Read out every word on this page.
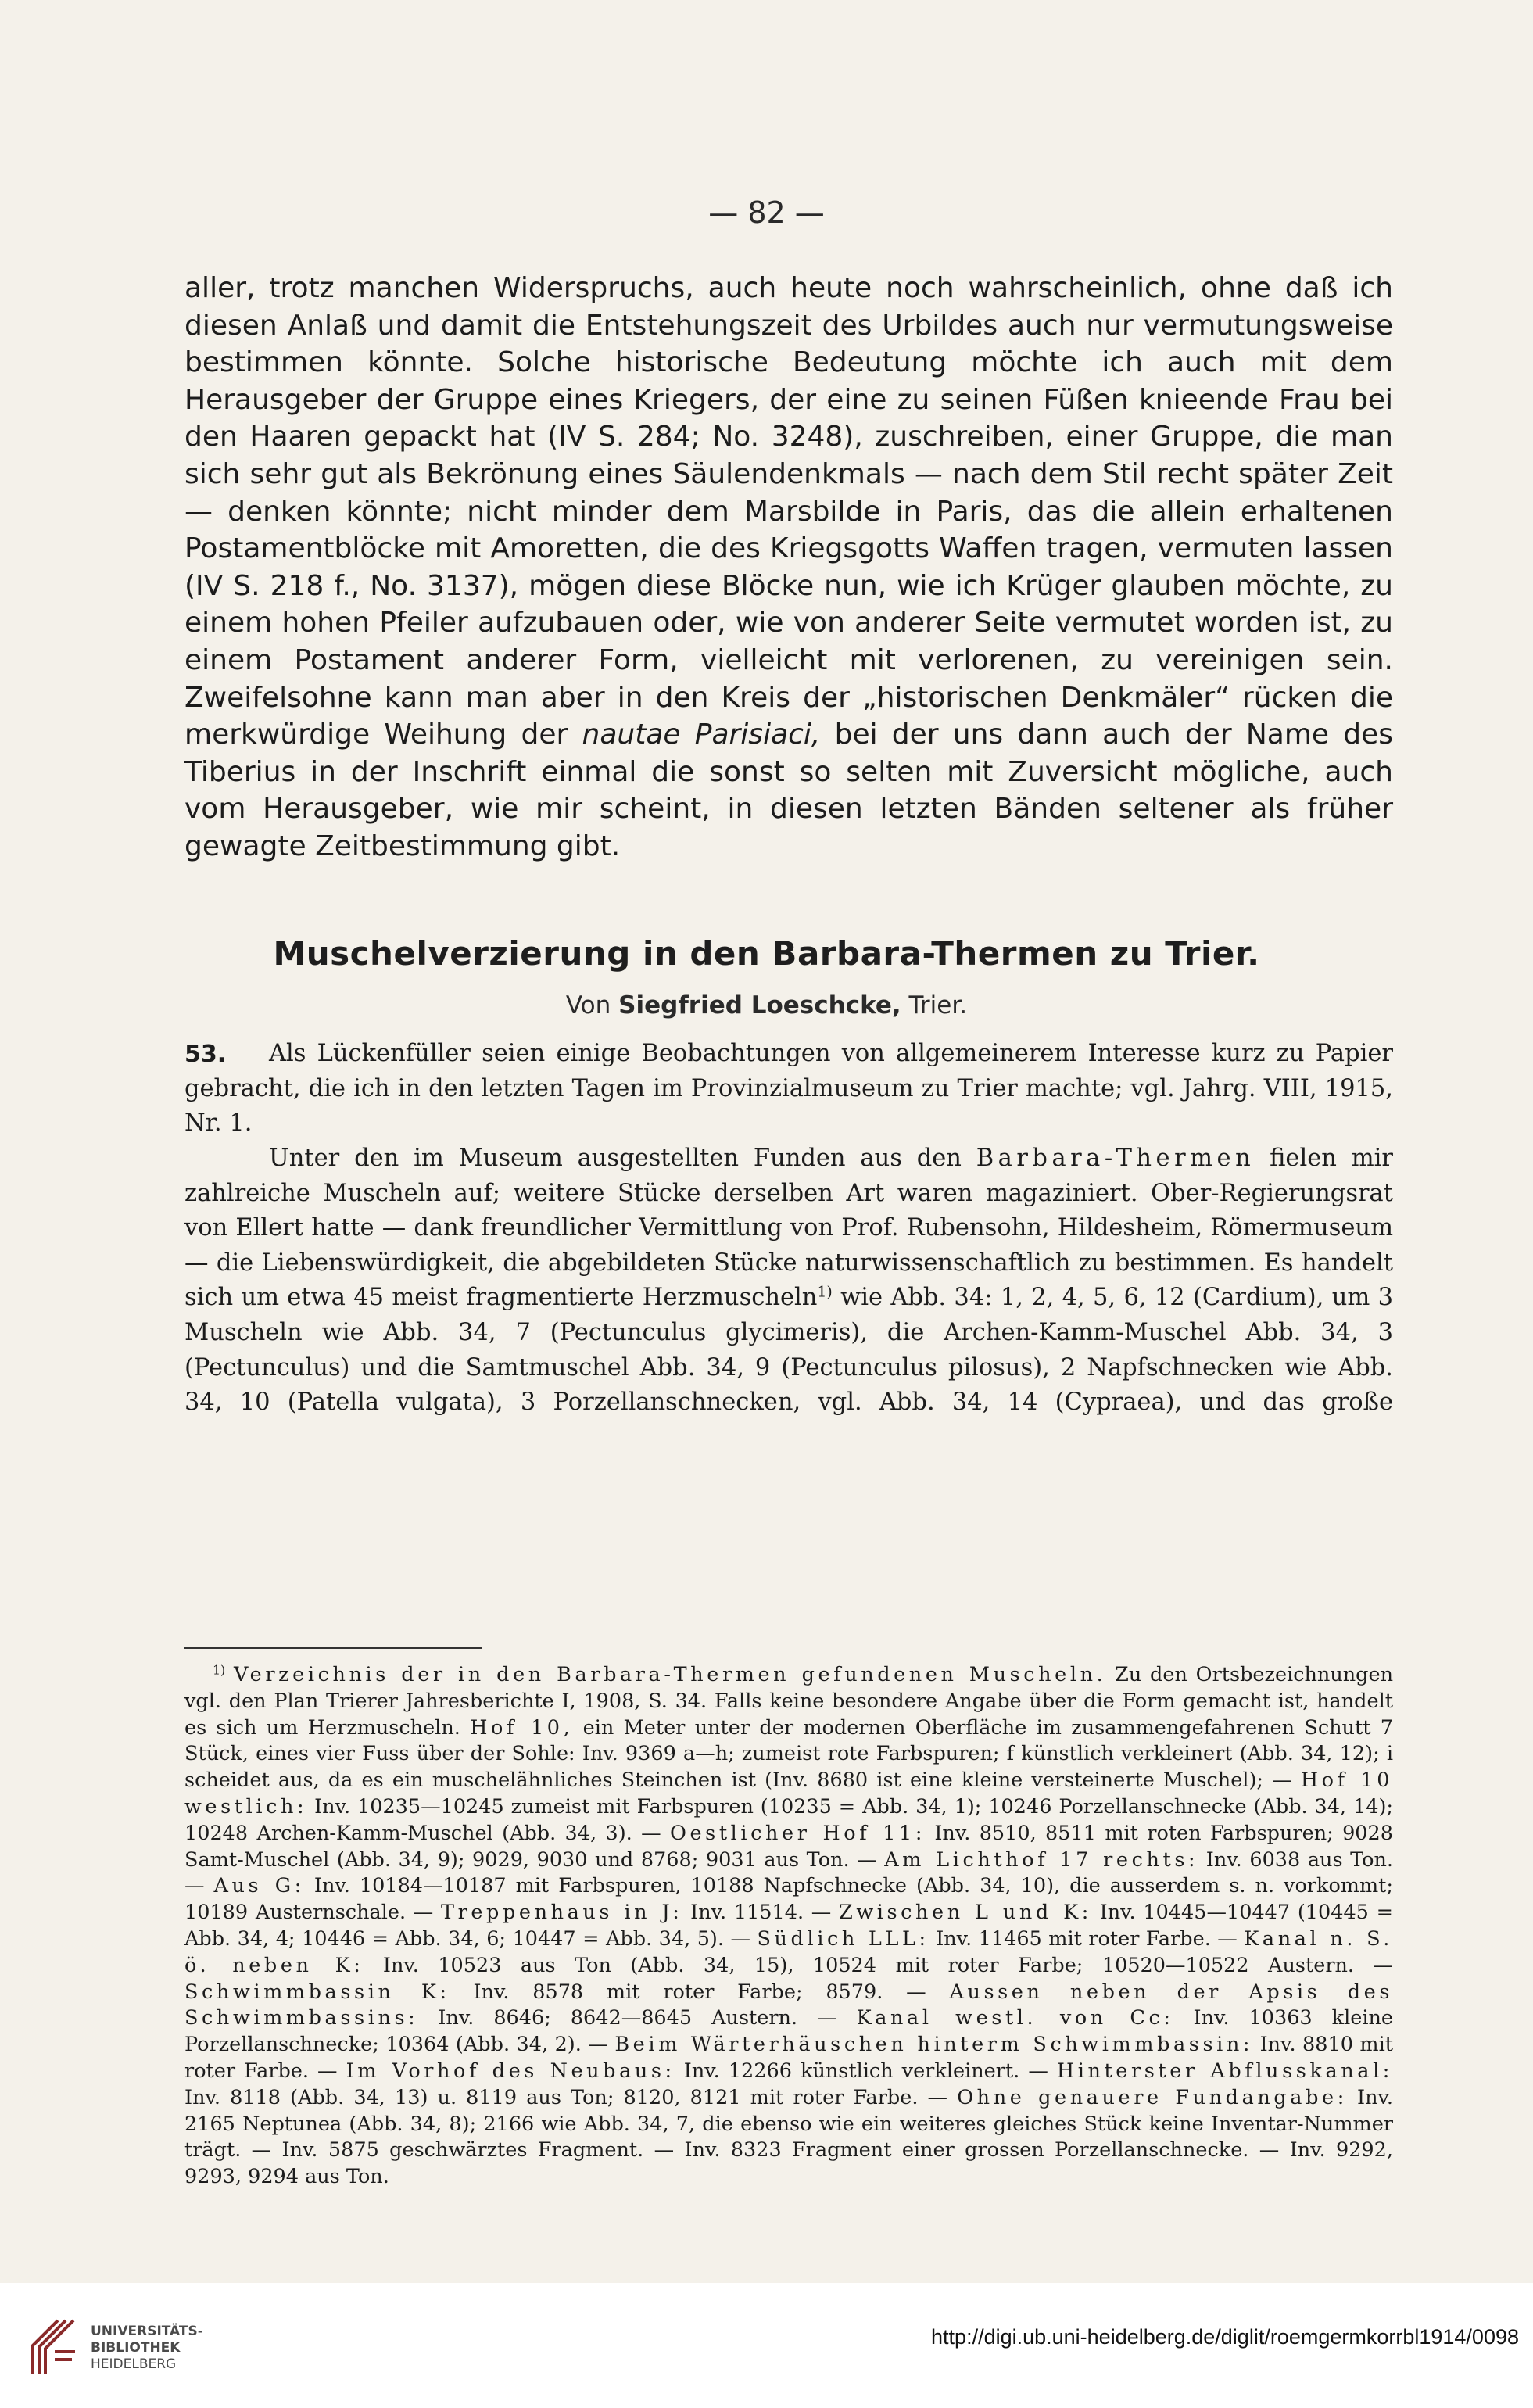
— 82 —

aller, trotz manchen Widerspruchs, auch heute noch wahrscheinlich, ohne daß ich diesen Anlaß und damit die Entstehungszeit des Urbildes auch nur vermutungsweise bestimmen könnte. Solche historische Bedeutung möchte ich auch mit dem Herausgeber der Gruppe eines Kriegers, der eine zu seinen Füßen knieende Frau bei den Haaren gepackt hat (IV S. 284; No. 3248), zuschreiben, einer Gruppe, die man sich sehr gut als Bekrönung eines Säulendenkmals — nach dem Stil recht später Zeit — denken könnte; nicht minder dem Marsbilde in Paris, das die allein erhaltenen Postamentblöcke mit Amoretten, die des Kriegsgotts Waffen tragen, vermuten lassen (IV S. 218 f., No. 3137), mögen diese Blöcke nun, wie ich Krüger glauben möchte, zu einem hohen Pfeiler aufzubauen oder, wie von anderer Seite vermutet worden ist, zu einem Postament anderer Form, vielleicht mit verlorenen, zu vereinigen sein. Zweifelsohne kann man aber in den Kreis der „historischen Denkmäler“ rücken die merkwürdige Weihung der nautae Parisiaci, bei der uns dann auch der Name des Tiberius in der Inschrift einmal die sonst so selten mit Zuversicht mögliche, auch vom Herausgeber, wie mir scheint, in diesen letzten Bänden seltener als früher gewagte Zeitbestimmung gibt.

Muschelverzierung in den Barbara-Thermen zu Trier.
Von Siegfried Loeschcke, Trier.
53.	Als Lückenfüller seien einige Beobachtungen von allgemeinerem Interesse kurz zu Papier gebracht, die ich in den letzten Tagen im Provinzialmuseum zu Trier machte; vgl. Jahrg. VIII, 1915, Nr. 1.

Unter den im Museum ausgestellten Funden aus den Barbara-Thermen fielen mir zahlreiche Muscheln auf; weitere Stücke derselben Art waren magaziniert. Ober-Regierungsrat von Ellert hatte — dank freundlicher Vermittlung von Prof. Rubensohn, Hildesheim, Römermuseum — die Liebenswürdigkeit, die abgebildeten Stücke naturwissenschaftlich zu bestimmen. Es handelt sich um etwa 45 meist fragmentierte Herzmuscheln$^{1)}$ wie Abb. 34: 1, 2, 4, 5, 6, 12 (Cardium), um 3 Muscheln wie Abb. 34, 7 (Pectunculus glycimeris), die Archen-Kamm-Muschel Abb. 34, 3 (Pectunculus) und die Samtmuschel Abb. 34, 9 (Pectunculus pilosus), 2 Napfschnecken wie Abb. 34, 10 (Patella vulgata), 3 Porzellanschnecken, vgl. Abb. 34, 14 (Cypraea), und das große

$^{1)}$ Verzeichnis der in den Barbara-Thermen gefundenen Muscheln. Zu den Ortsbezeichnungen vgl. den Plan Trierer Jahresberichte I, 1908, S. 34. Falls keine besondere Angabe über die Form gemacht ist, handelt es sich um Herzmuscheln. Hof 10, ein Meter unter der modernen Oberfläche im zusammengefahrenen Schutt 7 Stück, eines vier Fuss über der Sohle: Inv. 9369 a—h; zumeist rote Farbspuren; f künstlich verkleinert (Abb. 34, 12); i scheidet aus, da es ein muschelähnliches Steinchen ist (Inv. 8680 ist eine kleine versteinerte Muschel); — Hof 10 westlich: Inv. 10235—10245 zumeist mit Farbspuren (10235 = Abb. 34, 1); 10246 Porzellanschnecke (Abb. 34, 14); 10248 Archen-Kamm-Muschel (Abb. 34, 3). — Oestlicher Hof 11: Inv. 8510, 8511 mit roten Farbspuren; 9028 Samt-Muschel (Abb. 34, 9); 9029, 9030 und 8768; 9031 aus Ton. — Am Lichthof 17 rechts: Inv. 6038 aus Ton. — Aus G: Inv. 10184—10187 mit Farbspuren, 10188 Napfschnecke (Abb. 34, 10), die ausserdem s. n. vorkommt; 10189 Austernschale. — Treppenhaus in J: Inv. 11514. — Zwischen L und K: Inv. 10445—10447 (10445 = Abb. 34, 4; 10446 = Abb. 34, 6; 10447 = Abb. 34, 5). — Südlich LLL: Inv. 11465 mit roter Farbe. — Kanal n. S. ö. neben K: Inv. 10523 aus Ton (Abb. 34, 15), 10524 mit roter Farbe; 10520—10522 Austern. — Schwimmbassin K: Inv. 8578 mit roter Farbe; 8579. — Aussen neben der Apsis des Schwimmbassins: Inv. 8646; 8642—8645 Austern. — Kanal westl. von Cc: Inv. 10363 kleine Porzellanschnecke; 10364 (Abb. 34, 2). — Beim Wärterhäuschen hinterm Schwimmbassin: Inv. 8810 mit roter Farbe. — Im Vorhof des Neubaus: Inv. 12266 künstlich verkleinert. — Hinterster Abflusskanal: Inv. 8118 (Abb. 34, 13) u. 8119 aus Ton; 8120, 8121 mit roter Farbe. — Ohne genauere Fundangabe: Inv. 2165 Neptunea (Abb. 34, 8); 2166 wie Abb. 34, 7, die ebenso wie ein weiteres gleiches Stück keine Inventar-Nummer trägt. — Inv. 5875 geschwärztes Fragment. — Inv. 8323 Fragment einer grossen Porzellanschnecke. — Inv. 9292, 9293, 9294 aus Ton.

UNIVERSITÄTS-
BIBLIOTHEK
HEIDELBERG
http://digi.ub.uni-heidelberg.de/diglit/roemgermkorrbl1914/0098
